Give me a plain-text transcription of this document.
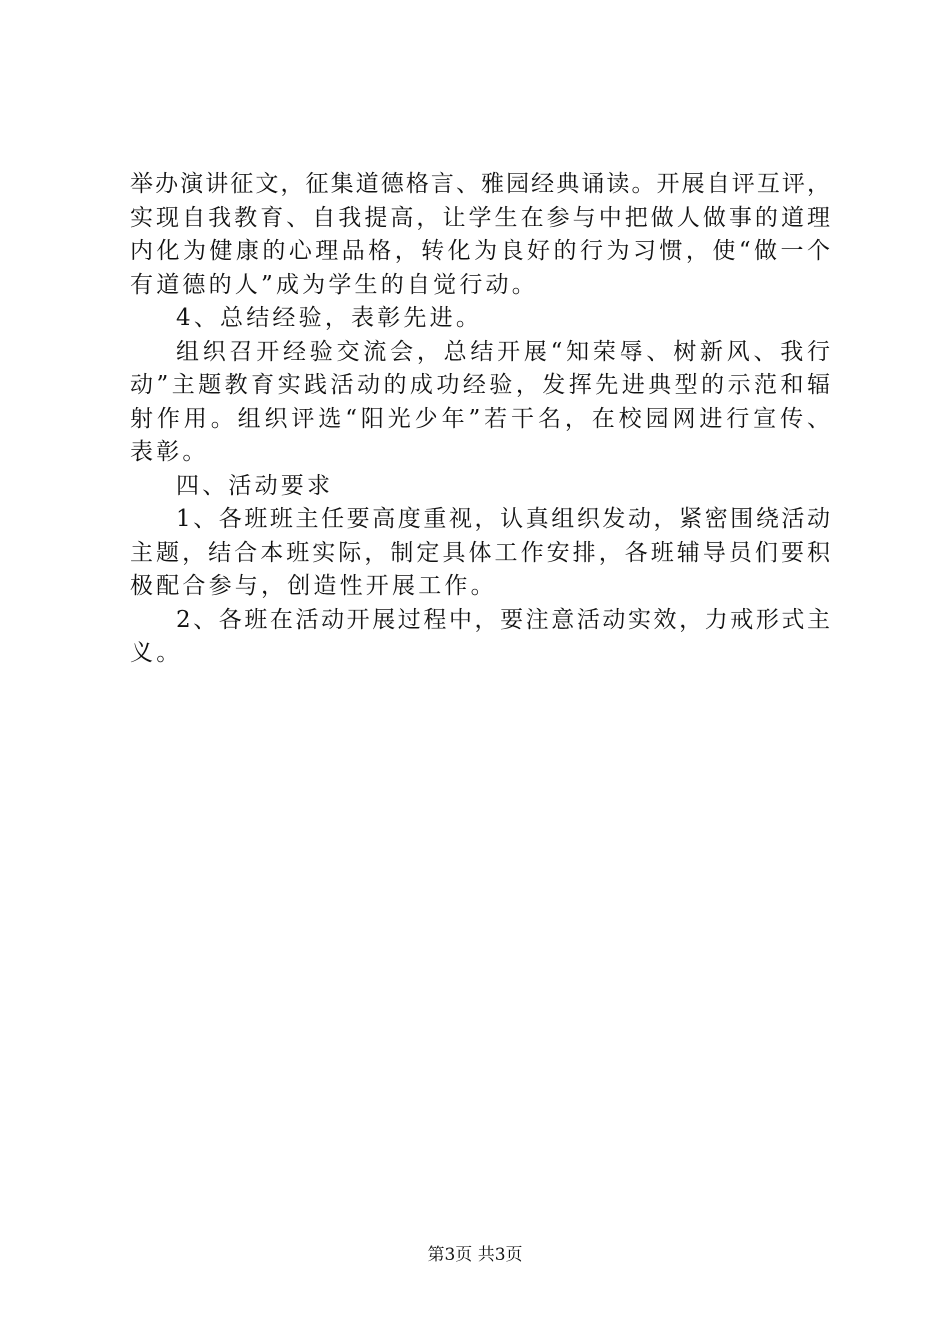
举办演讲征文，征集道德格言、雅园经典诵读。开展自评互评，
实现自我教育、自我提高，让学生在参与中把做人做事的道理
内化为健康的心理品格，转化为良好的行为习惯，使“做一个
有道德的人”成为学生的自觉行动。
4、总结经验，表彰先进。
组织召开经验交流会，总结开展“知荣辱、树新风、我行
动”主题教育实践活动的成功经验，发挥先进典型的示范和辐
射作用。组织评选“阳光少年”若干名，在校园网进行宣传、
表彰。
四、活动要求
1、各班班主任要高度重视，认真组织发动，紧密围绕活动
主题，结合本班实际，制定具体工作安排，各班辅导员们要积
极配合参与，创造性开展工作。
2、各班在活动开展过程中，要注意活动实效，力戒形式主
义。
第3页 共3页
